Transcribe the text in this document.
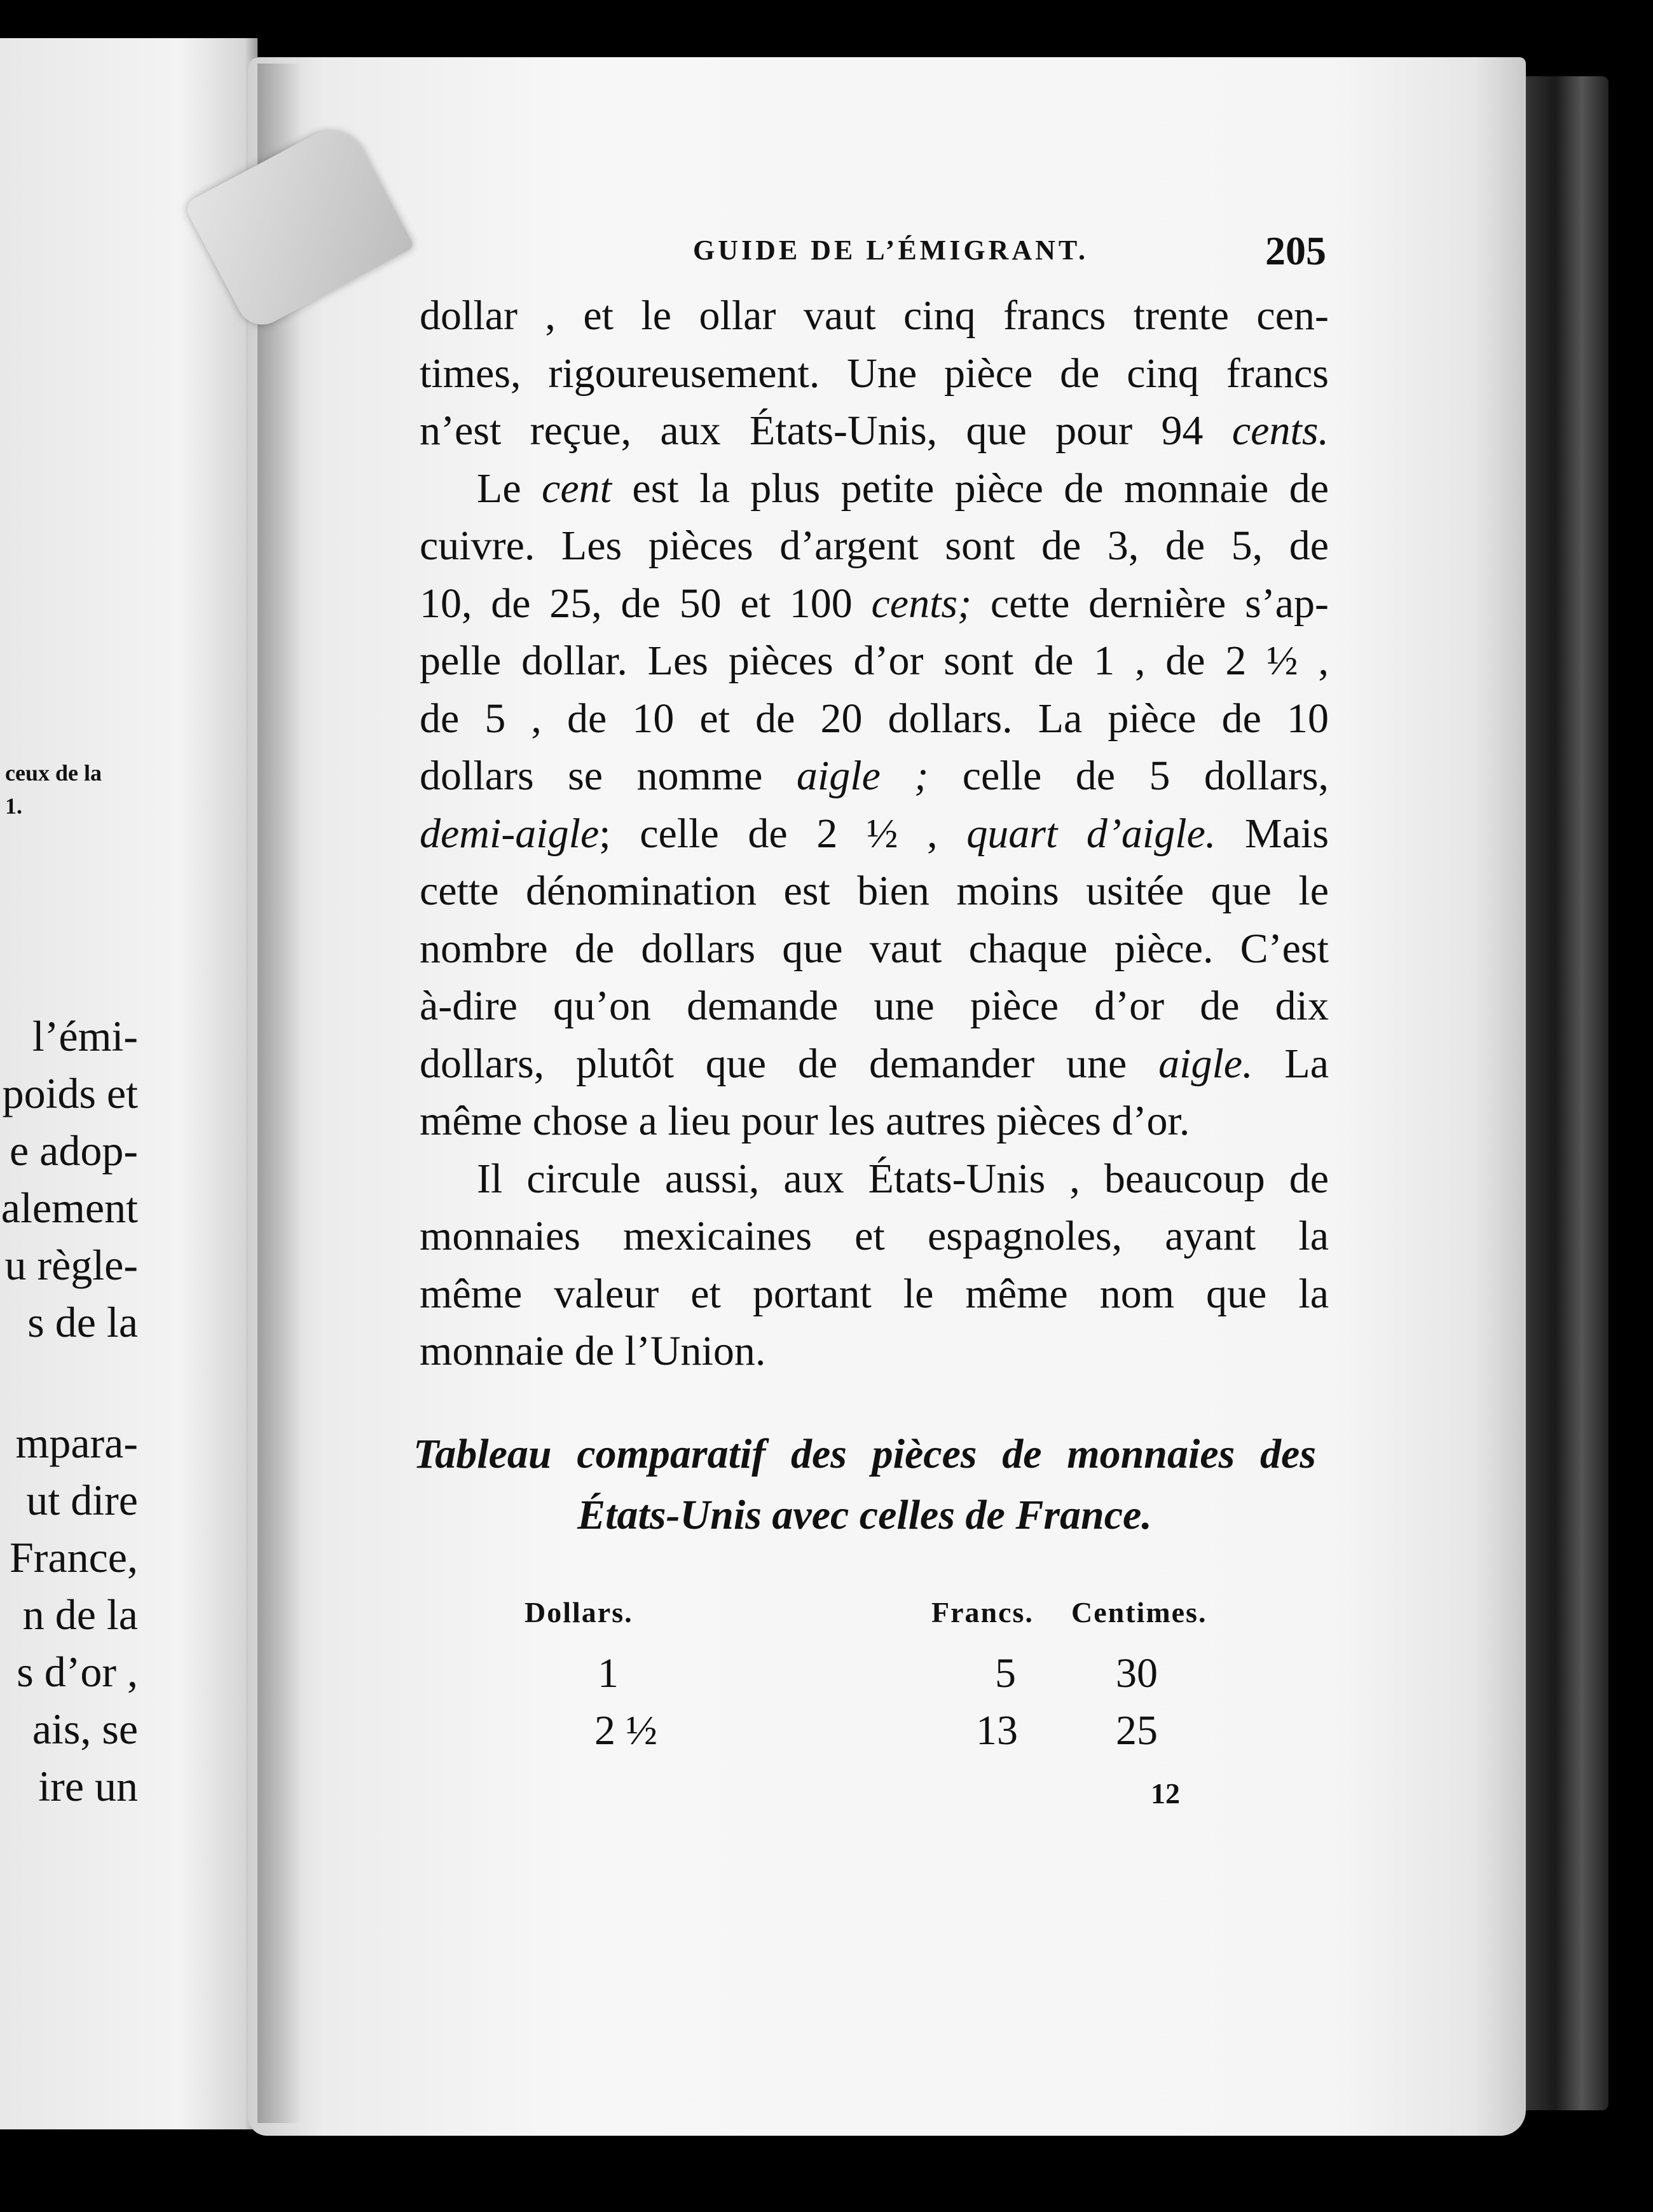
ceux de la
1.
l’émi-
poids et
e adop-
alement
u règle-
s de la
mpara-
ut dire
France,
n de la
s d’or ,
ais, se
ire un
GUIDE DE L’ÉMIGRANT.	205
dollar , et le ollar vaut cinq francs trente cen-
times, rigoureusement. Une pièce de cinq francs
n’est reçue, aux États-Unis, que pour 94 cents.
Le cent est la plus petite pièce de monnaie de
cuivre. Les pièces d’argent sont de 3, de 5, de
10, de 25, de 50 et 100 cents; cette dernière s’ap-
pelle dollar. Les pièces d’or sont de 1 , de 2 ½ ,
de 5 , de 10 et de 20 dollars. La pièce de 10
dollars se nomme aigle ; celle de 5 dollars,
demi-aigle; celle de 2 ½ , quart d’aigle. Mais
cette dénomination est bien moins usitée que le
nombre de dollars que vaut chaque pièce. C’est
à-dire qu’on demande une pièce d’or de dix
dollars, plutôt que de demander une aigle. La
même chose a lieu pour les autres pièces d’or.
Il circule aussi, aux États-Unis , beaucoup de
monnaies mexicaines et espagnoles, ayant la
même valeur et portant le même nom que la
monnaie de l’Union.
Tableau comparatif des pièces de monnaies des
États-Unis avec celles de France.
Dollars.	Francs. Centimes.
1	5 30
2 ½	13 25
12
